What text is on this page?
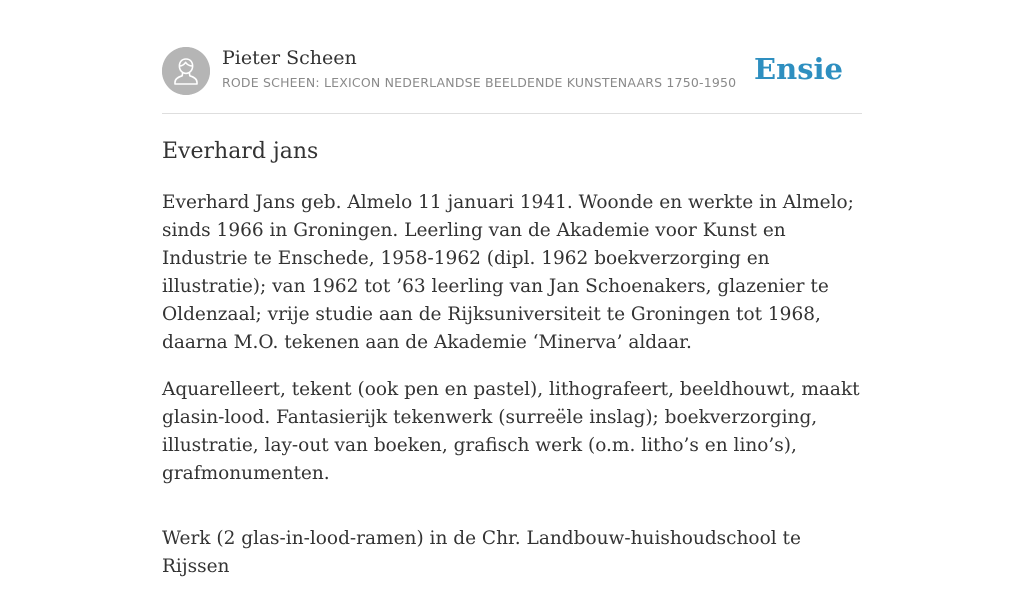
Pieter Scheen
RODE SCHEEN: LEXICON NEDERLANDSE BEELDENDE KUNSTENAARS 1750-1950 Ensie
Everhard jans

Everhard Jans geb. Almelo 11 januari 1941. Woonde en werkte in Almelo; sinds 1966 in Groningen. Leerling van de Akademie voor Kunst en Industrie te Enschede, 1958-1962 (dipl. 1962 boekverzorging en illustratie); van 1962 tot ’63 leerling van Jan Schoenakers, glazenier te Oldenzaal; vrije studie aan de Rijksuniversiteit te Groningen tot 1968, daarna M.O. tekenen aan de Akademie ‘Minerva’ aldaar.

Aquarelleert, tekent (ook pen en pastel), lithografeert, beeldhouwt, maakt glasin-lood. Fantasierijk tekenwerk (surreële inslag); boekverzorging, illustratie, lay-out van boeken, grafisch werk (o.m. litho’s en lino’s), grafmonumenten.

Werk (2 glas-in-lood-ramen) in de Chr. Landbouw-huishoudschool te Rijssen
